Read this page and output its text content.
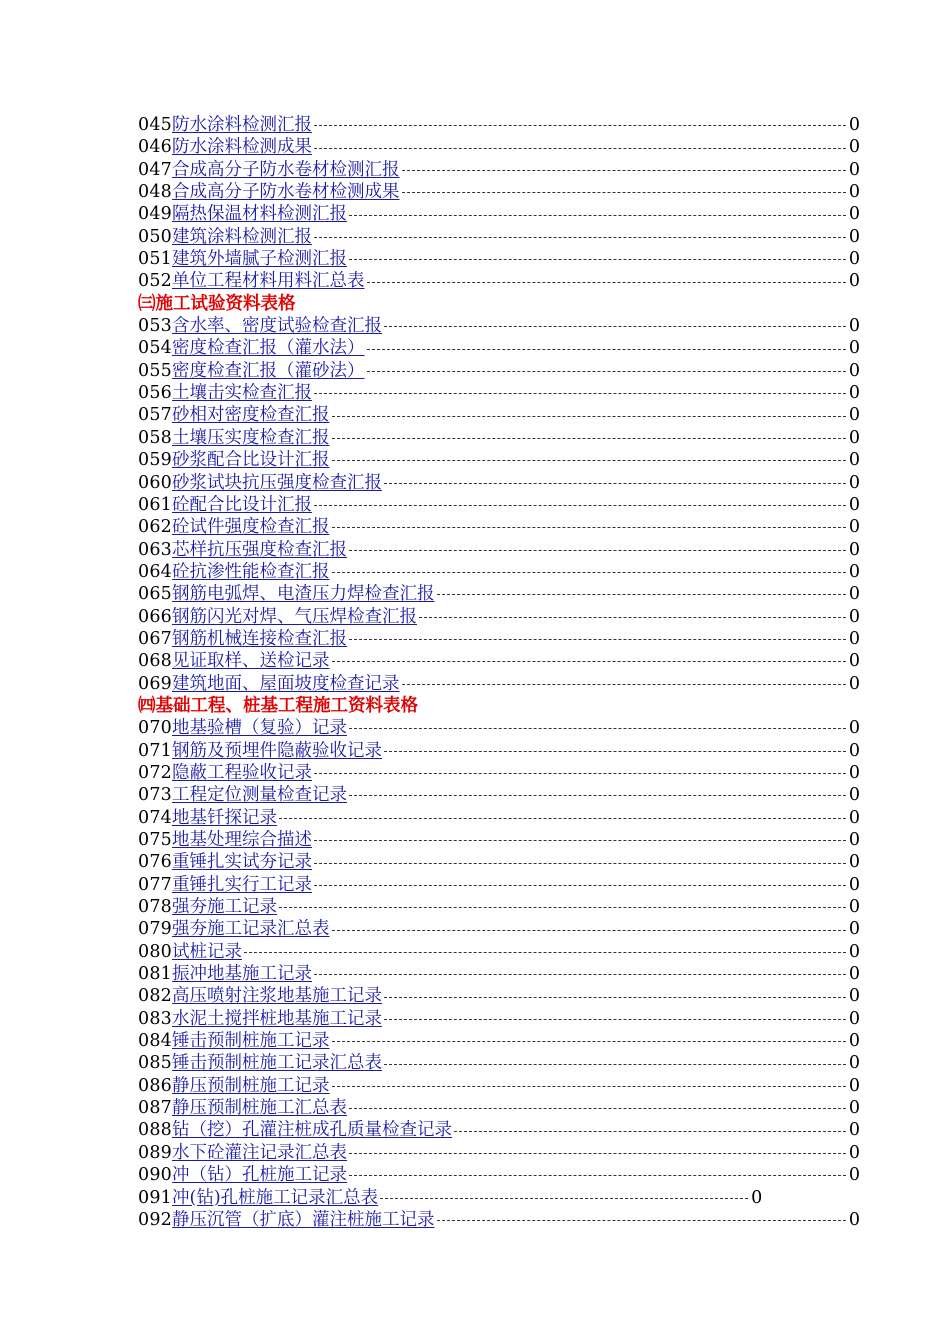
045 防水涂料检测汇报	0
046 防水涂料检测成果	0
047 合成高分子防水卷材检测汇报	0
048 合成高分子防水卷材检测成果	0
049 隔热保温材料检测汇报	0
050 建筑涂料检测汇报	0
051 建筑外墙腻子检测汇报	0
052 单位工程材料用料汇总表	0
㈢施工试验资料表格
053 含水率、密度试验检查汇报	0
054 密度检查汇报（灌水法）	0
055 密度检查汇报（灌砂法）	0
056 土壤击实检查汇报	0
057 砂相对密度检查汇报	0
058 土壤压实度检查汇报	0
059 砂浆配合比设计汇报	0
060 砂浆试块抗压强度检查汇报	0
061 砼配合比设计汇报	0
062 砼试件强度检查汇报	0
063 芯样抗压强度检查汇报	0
064 砼抗渗性能检查汇报	0
065 钢筋电弧焊、电渣压力焊检查汇报	0
066 钢筋闪光对焊、气压焊检查汇报	0
067 钢筋机械连接检查汇报	0
068 见证取样、送检记录	0
069 建筑地面、屋面坡度检查记录	0
㈣基础工程、桩基工程施工资料表格
070 地基验槽（复验）记录	0
071 钢筋及预埋件隐蔽验收记录	0
072 隐蔽工程验收记录	0
073 工程定位测量检查记录	0
074 地基钎探记录	0
075 地基处理综合描述	0
076 重锤扎实试夯记录	0
077 重锤扎实行工记录	0
078 强夯施工记录	0
079 强夯施工记录汇总表	0
080 试桩记录	0
081 振冲地基施工记录	0
082 高压喷射注浆地基施工记录	0
083 水泥土搅拌桩地基施工记录	0
084 锤击预制桩施工记录	0
085 锤击预制桩施工记录汇总表	0
086 静压预制桩施工记录	0
087 静压预制桩施工汇总表	0
088 钻（挖）孔灌注桩成孔质量检查记录	0
089 水下砼灌注记录汇总表	0
090 冲（钻）孔桩施工记录	0
091 冲(钻)孔桩施工记录汇总表	0
092 静压沉管（扩底）灌注桩施工记录	0
